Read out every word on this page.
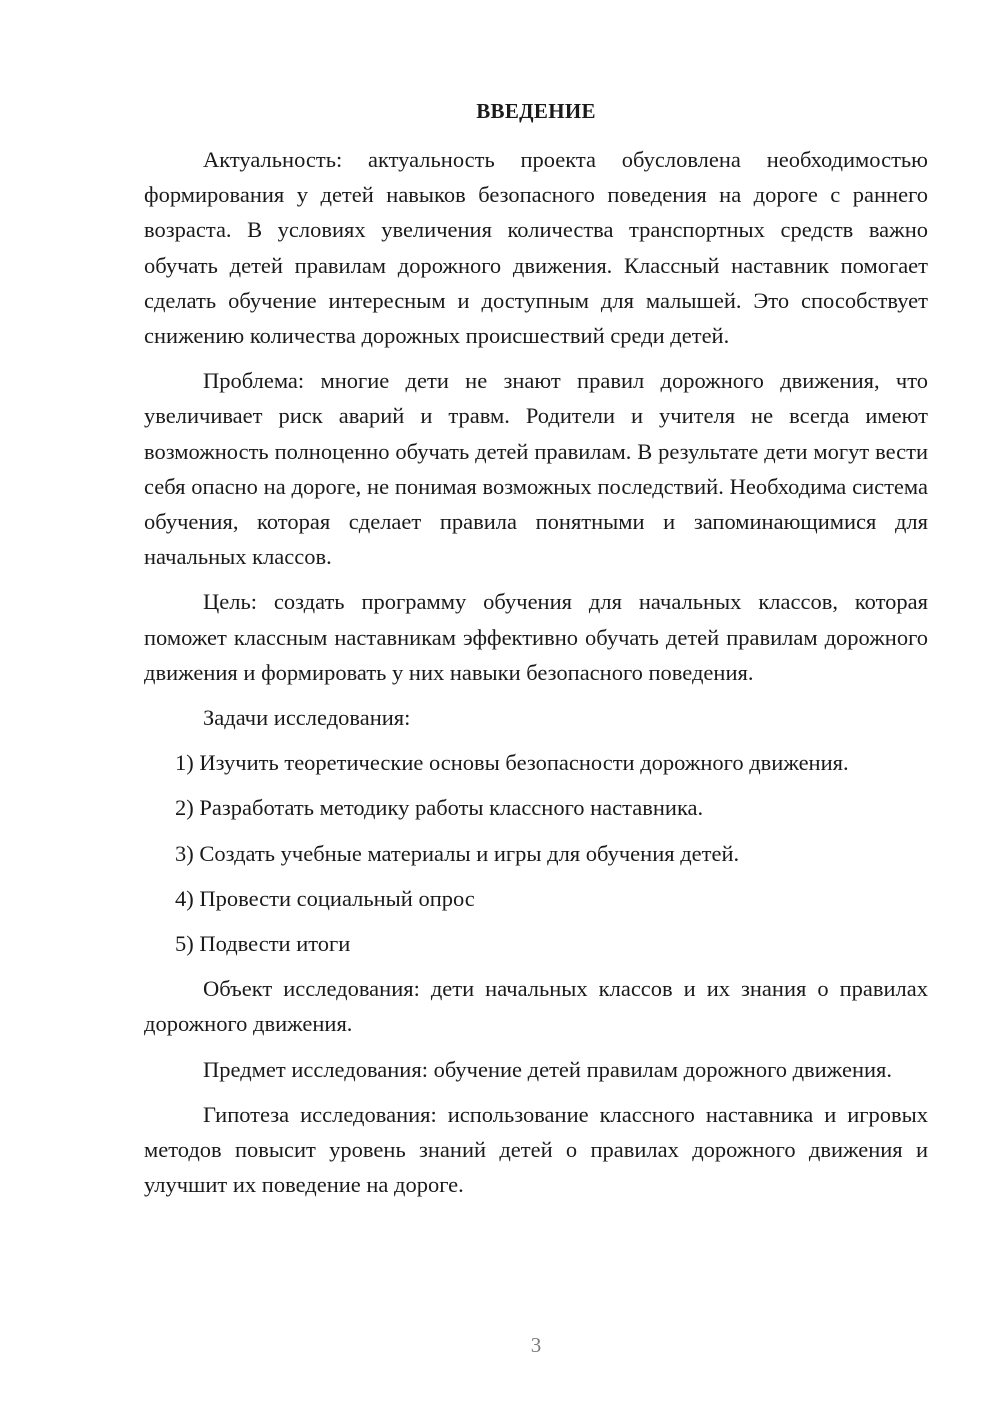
ВВЕДЕНИЕ

Актуальность: актуальность проекта обусловлена необходимостью формирования у детей навыков безопасного поведения на дороге с раннего возраста. В условиях увеличения количества транспортных средств важно обучать детей правилам дорожного движения. Классный наставник помогает сделать обучение интересным и доступным для малышей. Это способствует снижению количества дорожных происшествий среди детей.

Проблема: многие дети не знают правил дорожного движения, что увеличивает риск аварий и травм. Родители и учителя не всегда имеют возможность полноценно обучать детей правилам. В результате дети могут вести себя опасно на дороге, не понимая возможных последствий. Необходима система обучения, которая сделает правила понятными и запоминающимися для начальных классов.

Цель: создать программу обучения для начальных классов, которая поможет классным наставникам эффективно обучать детей правилам дорожного движения и формировать у них навыки безопасного поведения.

Задачи исследования:

1) Изучить теоретические основы безопасности дорожного движения.
2) Разработать методику работы классного наставника.
3) Создать учебные материалы и игры для обучения детей.
4) Провести социальный опрос
5) Подвести итоги

Объект исследования: дети начальных классов и их знания о правилах дорожного движения.

Предмет исследования: обучение детей правилам дорожного движения.

Гипотеза исследования: использование классного наставника и игровых методов повысит уровень знаний детей о правилах дорожного движения и улучшит их поведение на дороге.

3
